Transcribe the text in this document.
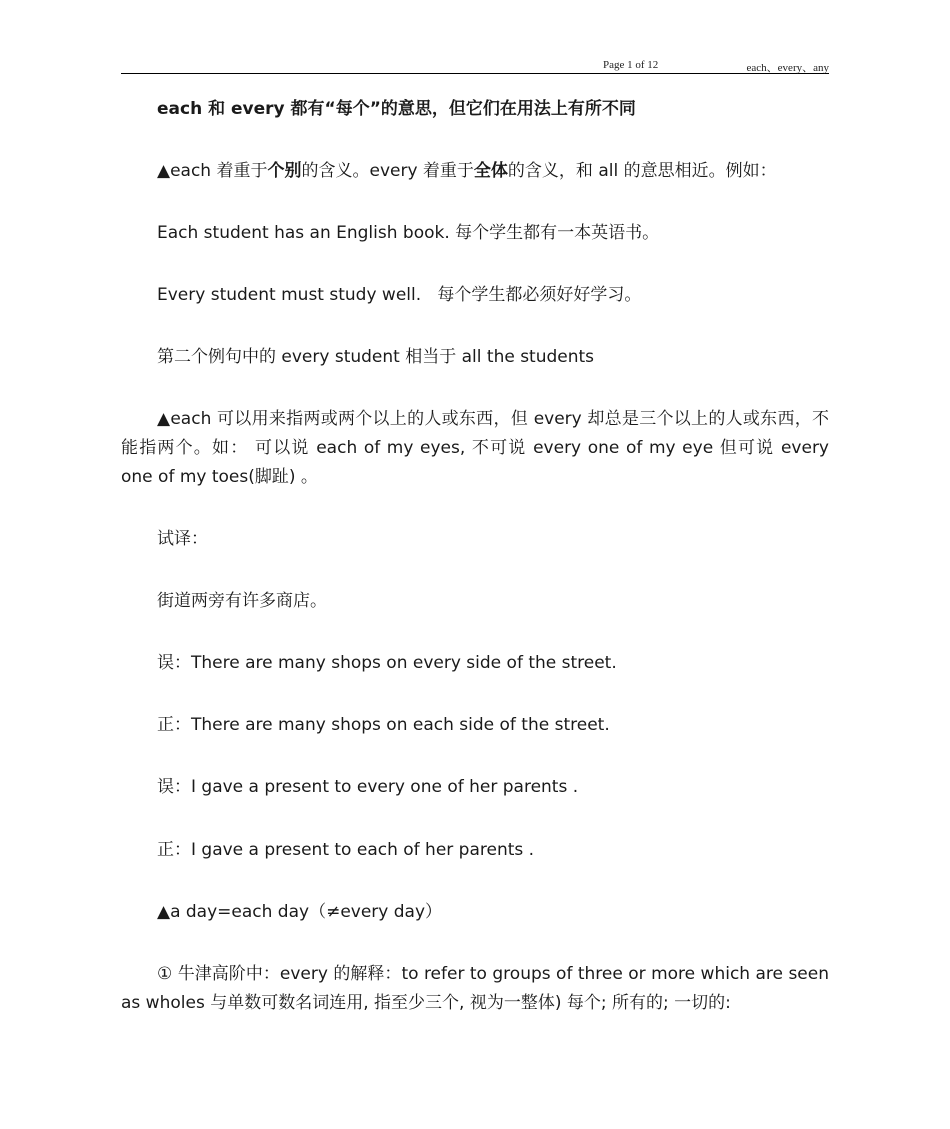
Page 1 of 12	each、every、any
each 和 every 都有“每个”的意思，但它们在用法上有所不同
▲each 着重于个别的含义。every 着重于全体的含义，和 all 的意思相近。例如：
Each student has an English book. 每个学生都有一本英语书。
Every student must study well.   每个学生都必须好好学习。
第二个例句中的 every student 相当于 all the students
▲each 可以用来指两或两个以上的人或东西，但 every 却总是三个以上的人或东西，不能指两个。如： 可以说 each of my eyes, 不可说 every one of my eye 但可说 every one of my toes(脚趾) 。
试译：
街道两旁有许多商店。
误：There are many shops on every side of the street.
正：There are many shops on each side of the street.
误：I gave a present to every one of her parents .
正：I gave a present to each of her parents .
▲a day=each day（≠every day）
① 牛津高阶中：every 的解释：to refer to groups of three or more which are seen as wholes 与单数可数名词连用, 指至少三个, 视为一整体) 每个; 所有的; 一切的:
